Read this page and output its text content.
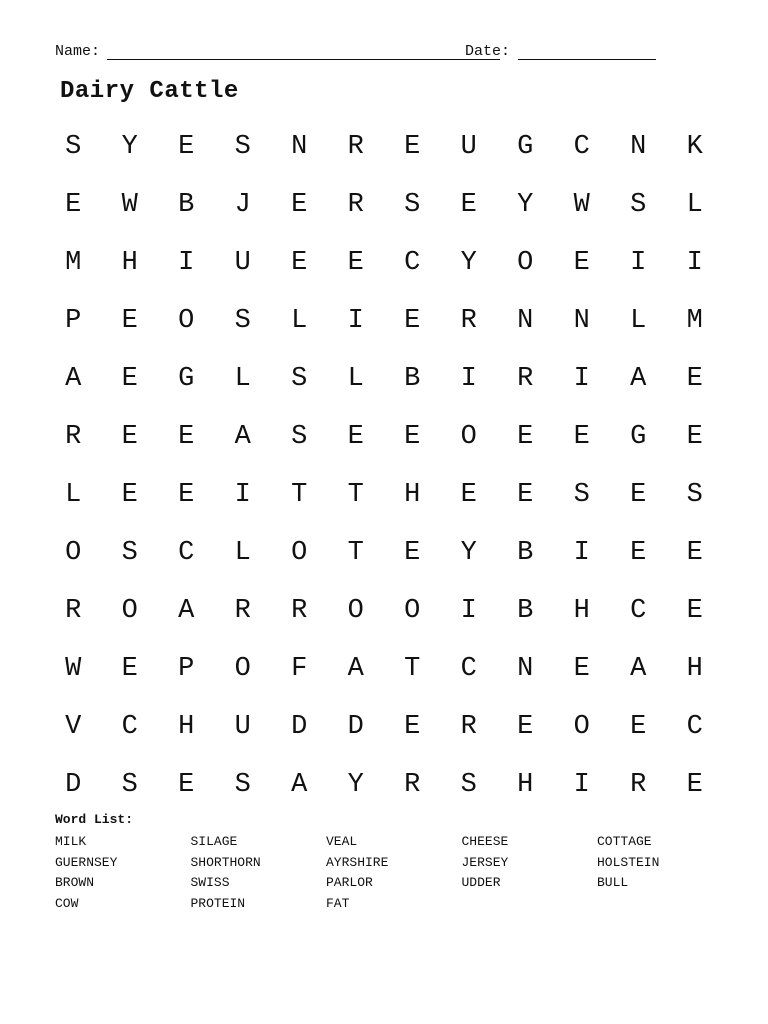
Name:	Date:
Dairy Cattle
S	Y	E	S	N	R	E	U	G	C	N	K
E	W	B	J	E	R	S	E	Y	W	S	L
M	H	I	U	E	E	C	Y	O	E	I	I
P	E	O	S	L	I	E	R	N	N	L	M
A	E	G	L	S	L	B	I	R	I	A	E
R	E	E	A	S	E	E	O	E	E	G	E
L	E	E	I	T	T	H	E	E	S	E	S
O	S	C	L	O	T	E	Y	B	I	E	E
R	O	A	R	R	O	O	I	B	H	C	E
W	E	P	O	F	A	T	C	N	E	A	H
V	C	H	U	D	D	E	R	E	O	E	C
D	S	E	S	A	Y	R	S	H	I	R	E
Word List:
MILK	SILAGE	VEAL	CHEESE	COTTAGE
GUERNSEY	SHORTHORN	AYRSHIRE	JERSEY	HOLSTEIN
BROWN	SWISS	PARLOR	UDDER	BULL
COW	PROTEIN	FAT
